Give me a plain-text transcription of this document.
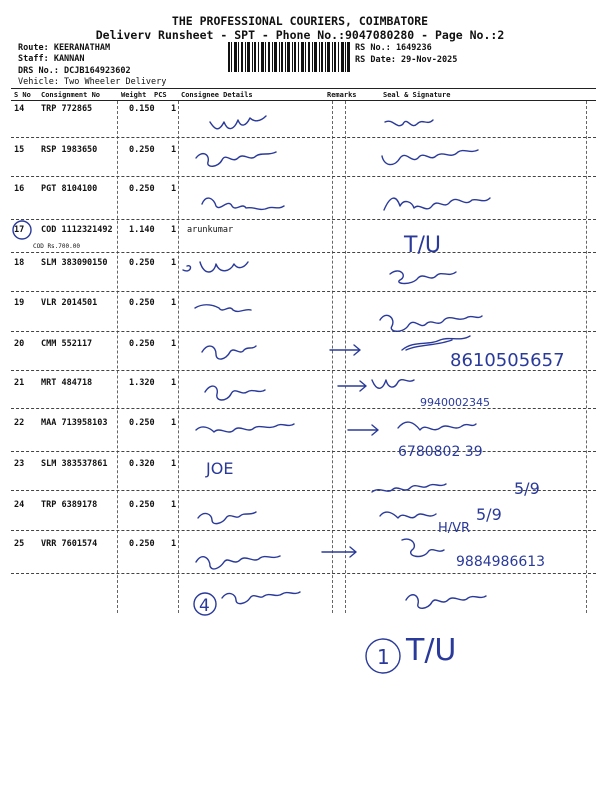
THE PROFESSIONAL COURIERS, COIMBATORE
Deliverv Runsheet - SPT - Phone No.:9047080280 - Page No.:2
Route: KEERANATHAM
Staff: KANNAN
DRS No.: DCJB164923602
Vehicle: Two Wheeler Delivery
RS No.: 1649236
RS Date: 29-Nov-2025
S No Consignment No	Weight PCS Consignee Details	Remarks	Seal & Signature
14 TRP 772865	0.150 1
15 RSP 1983650	0.250 1
16 PGT 8104100	0.250 1
17 COD 1112321492 1.140 1 arunkumar
COD Rs.700.00
18 SLM 383090150	0.250 1
19 VLR 2014501	0.250 1
20 CMM 552117	0.250 1
21 MRT 484718	1.320 1
22 MAA 713958103	0.250 1
23 SLM 383537861	0.320 1
24 TRP 6389178	0.250 1
25 VRR 7601574	0.250 1
T/U
8610505657
9940002345
6780802 39
JOE
5/9
5/9
H/VR
9884986613
4
1 T/U
